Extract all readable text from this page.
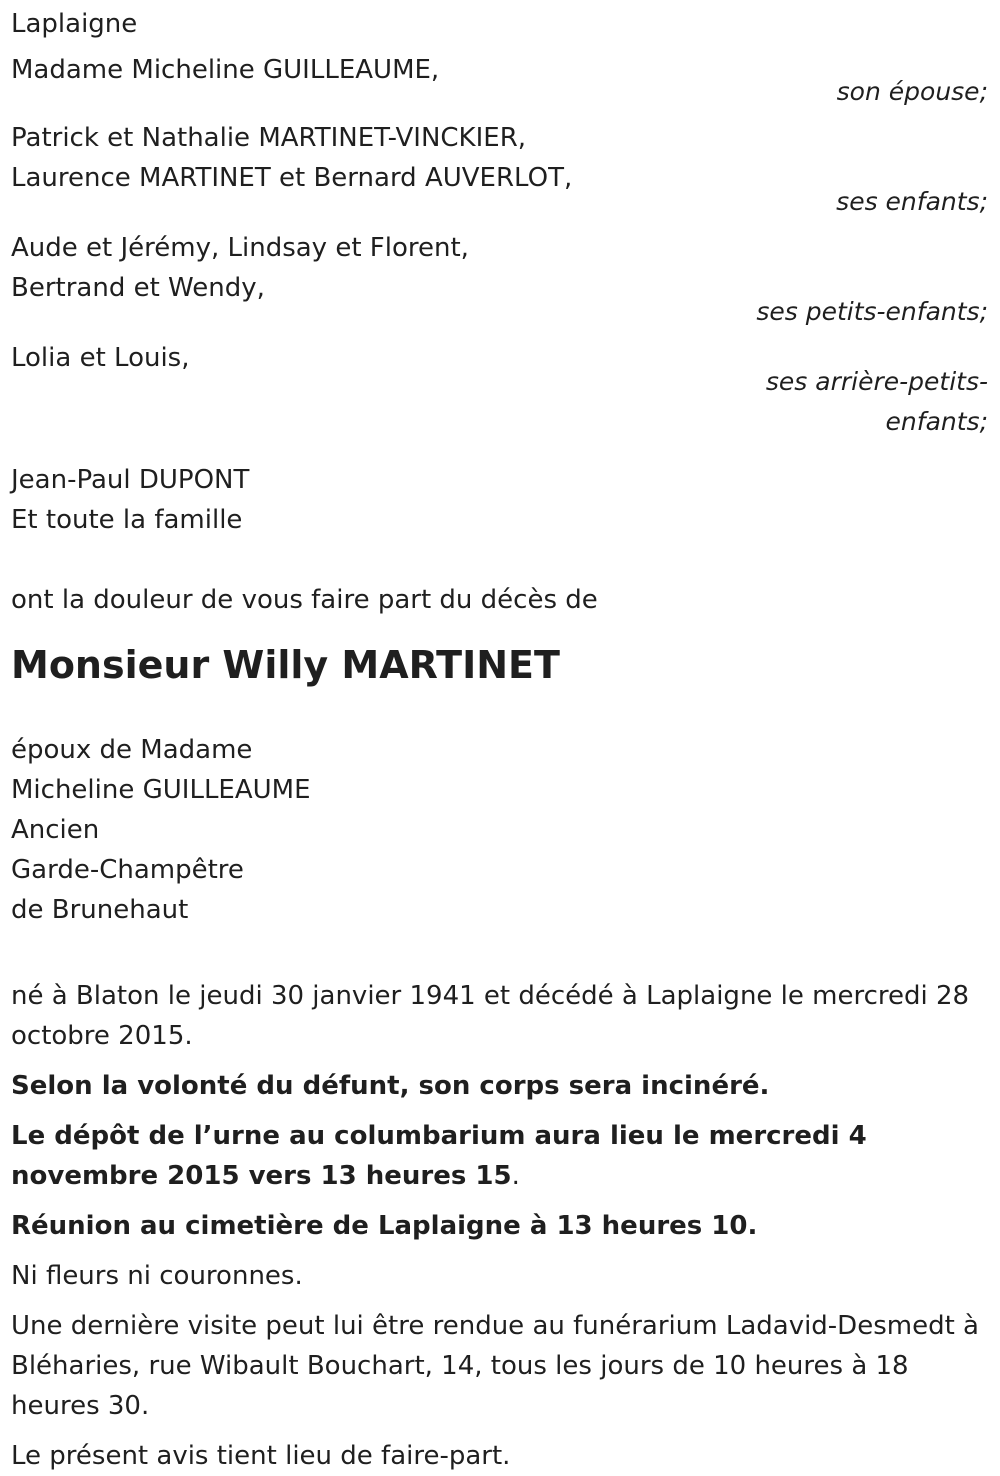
Laplaigne
Madame Micheline GUILLEAUME,
son épouse;
Patrick et Nathalie MARTINET-VINCKIER,
Laurence MARTINET et Bernard AUVERLOT,
ses enfants;
Aude et Jérémy, Lindsay et Florent,
Bertrand et Wendy,
ses petits-enfants;
Lolia et Louis,
ses arrière-petits-
enfants;
Jean-Paul DUPONT
Et toute la famille
ont la douleur de vous faire part du décès de
Monsieur Willy MARTINET
époux de Madame
Micheline GUILLEAUME
Ancien
Garde-Champêtre
de Brunehaut
né à Blaton le jeudi 30 janvier 1941 et décédé à Laplaigne le mercredi 28 octobre 2015.
Selon la volonté du défunt, son corps sera incinéré.
Le dépôt de l’urne au columbarium aura lieu le mercredi 4 novembre 2015 vers 13 heures 15.
Réunion au cimetière de Laplaigne à 13 heures 10.
Ni fleurs ni couronnes.
Une dernière visite peut lui être rendue au funérarium Ladavid-Desmedt à Bléharies, rue Wibault Bouchart, 14, tous les jours de 10 heures à 18 heures 30.
Le présent avis tient lieu de faire-part.
